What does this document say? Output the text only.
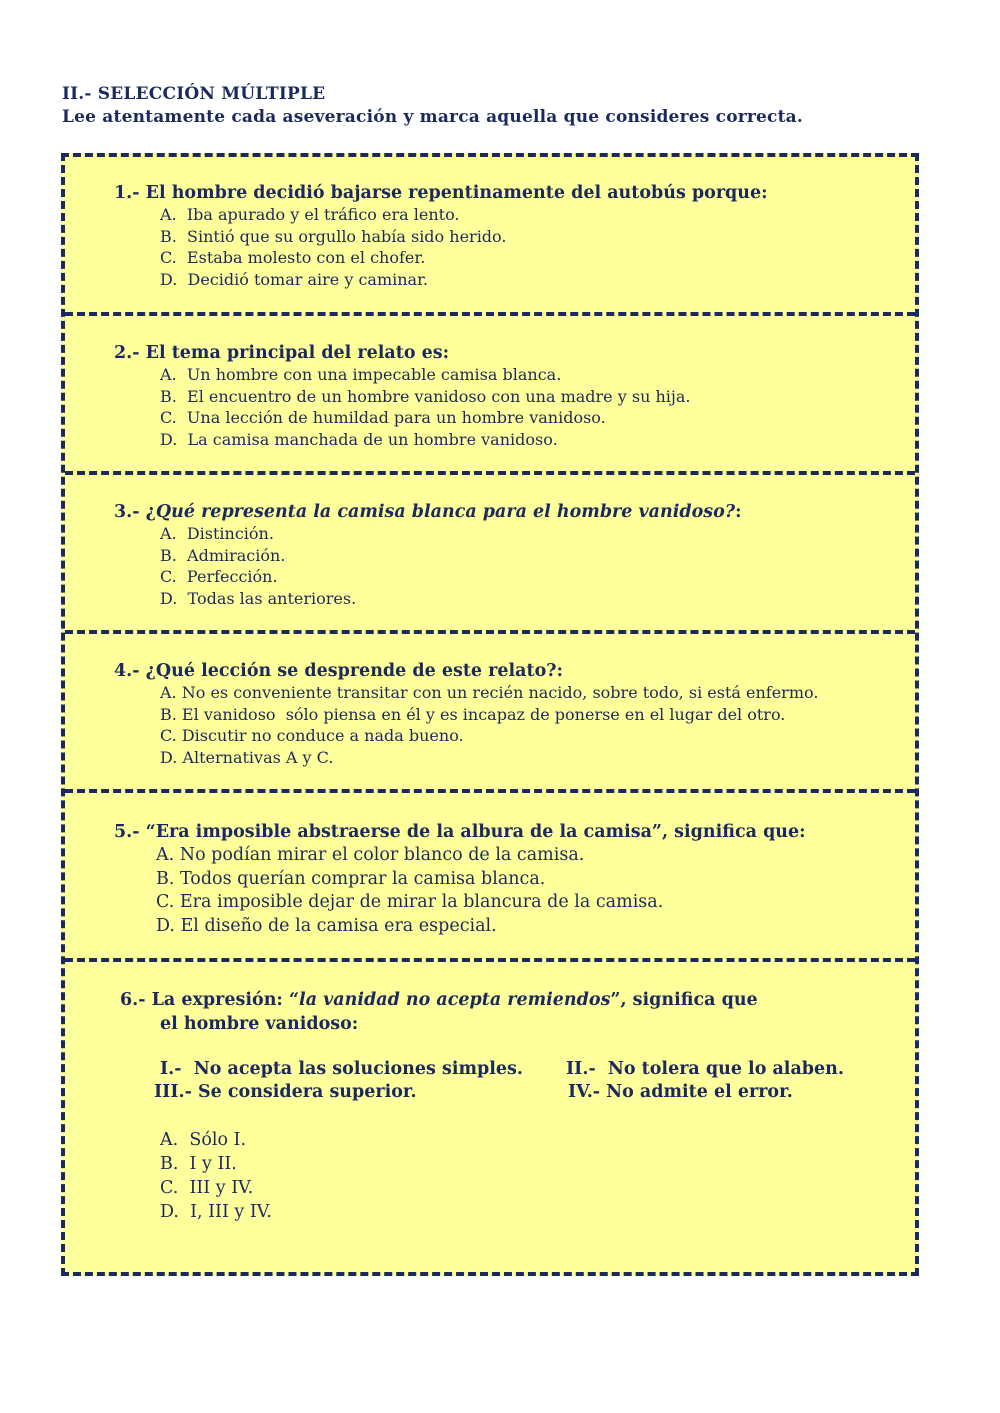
II.- SELECCIÓN MÚLTIPLE
Lee atentamente cada aseveración y marca aquella que consideres correcta.
1.- El hombre decidió bajarse repentinamente del autobús porque:
A.  Iba apurado y el tráfico era lento.
B.  Sintió que su orgullo había sido herido.
C.  Estaba molesto con el chofer.
D.  Decidió tomar aire y caminar.
2.- El tema principal del relato es:
A.  Un hombre con una impecable camisa blanca.
B.  El encuentro de un hombre vanidoso con una madre y su hija.
C.  Una lección de humildad para un hombre vanidoso.
D.  La camisa manchada de un hombre vanidoso.
3.- ¿Qué representa la camisa blanca para el hombre vanidoso?:
A.  Distinción.
B.  Admiración.
C.  Perfección.
D.  Todas las anteriores.
4.- ¿Qué lección se desprende de este relato?:
A. No es conveniente transitar con un recién nacido, sobre todo, si está enfermo.
B. El vanidoso  sólo piensa en él y es incapaz de ponerse en el lugar del otro.
C. Discutir no conduce a nada bueno.
D. Alternativas A y C.
5.- “Era imposible abstraerse de la albura de la camisa”, significa que:
A. No podían mirar el color blanco de la camisa.
B. Todos querían comprar la camisa blanca.
C. Era imposible dejar de mirar la blancura de la camisa.
D. El diseño de la camisa era especial.
6.- La expresión: “la vanidad no acepta remiendos”, significa que
el hombre vanidoso:
I.-  No acepta las soluciones simples. II.-  No tolera que lo alaben.
III.- Se considera superior.	IV.- No admite el error.
A.  Sólo I.
B.  I y II.
C.  III y IV.
D.  I, III y IV.
